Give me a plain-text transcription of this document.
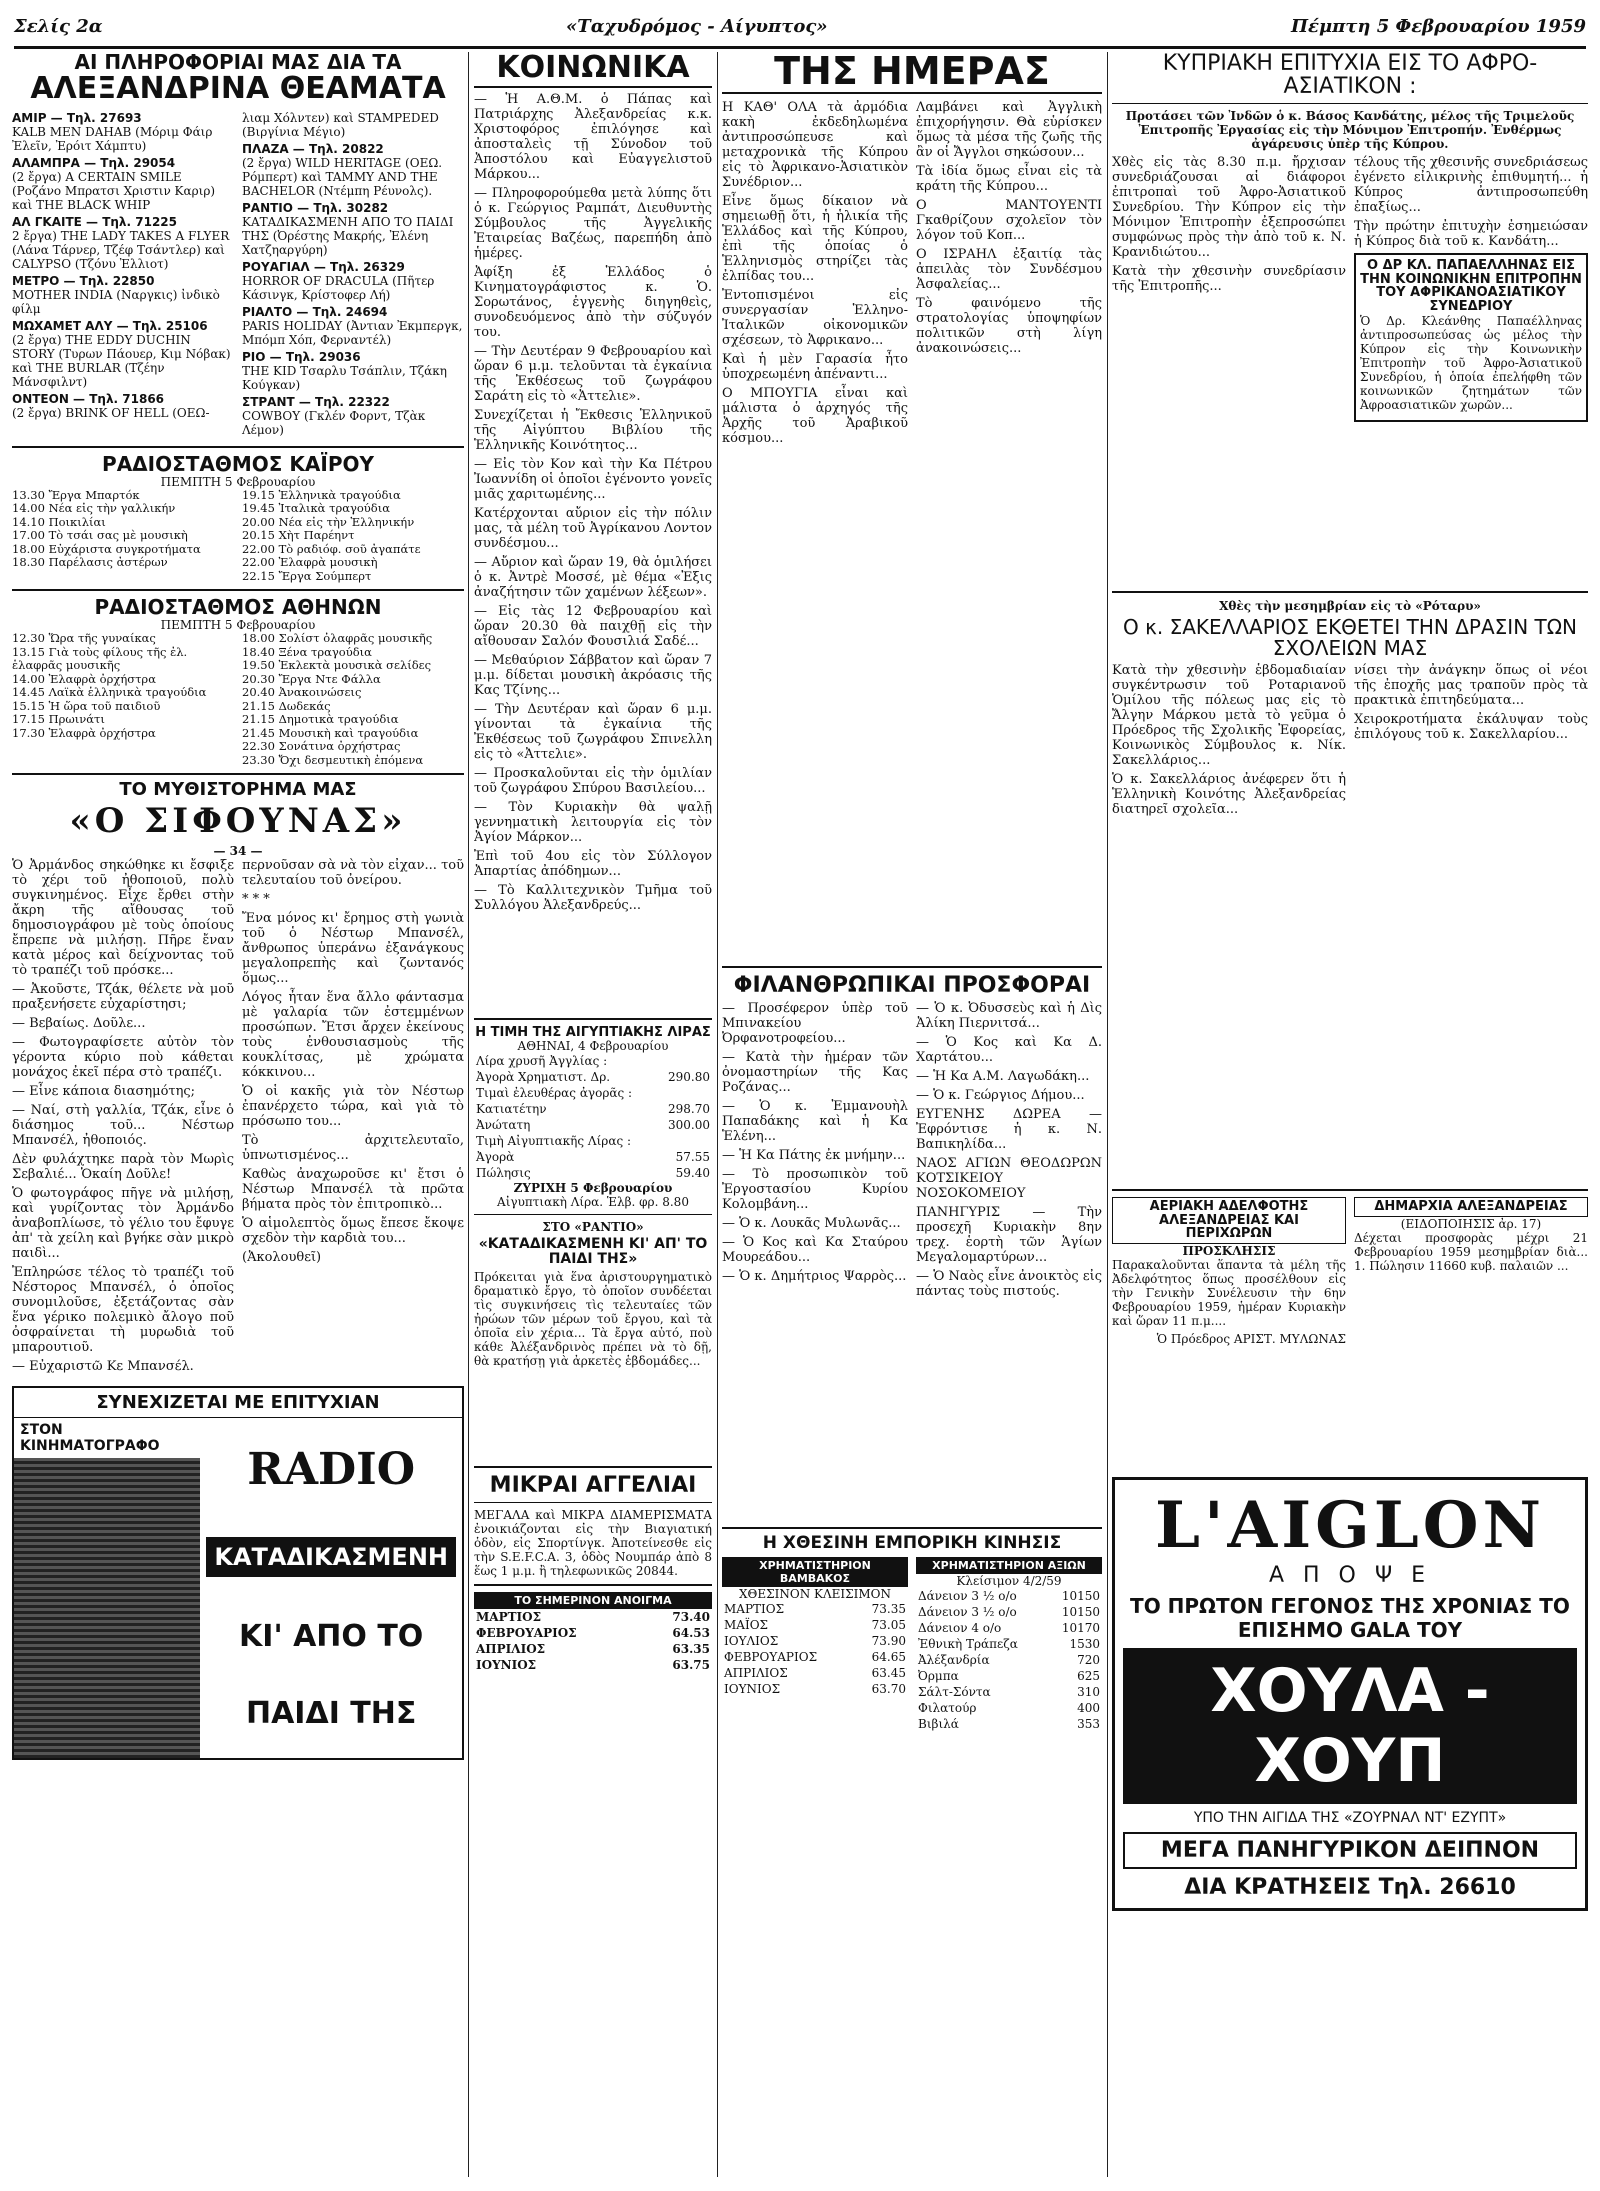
Σελίς 2α	«Ταχυδρόμος - Αίγυπτος»	Πέμπτη 5 Φεβρουαρίου 1959
ΑΙ ΠΛΗΡΟΦΟΡΙΑΙ ΜΑΣ ΔΙΑ ΤΑ
ΑΛΕΞΑΝΔΡΙΝΑ ΘΕΑΜΑΤΑ
ΑΜΙΡ — Τηλ. 27693
KALB MEN DAHAB (Μόριμ Φάιρ Ἐλεῖν, Ἐρόιτ Χάμπτυ)
ΑΛΑΜΠΡΑ — Τηλ. 29054
(2 ἔργα) A CERTAIN SMILE (Ροζάνο Μπρατσι Χριστιν Καριρ) καὶ THE BLACK WHIP
ΑΛ ΓΚΑΙΤΕ — Τηλ. 71225
2 ἔργα) THE LADY TAKES A FLYER (Λάνα Τάρνερ, Τζέφ Τσάντλερ) καὶ CALYPSO (Τζόνυ Ἐλλιοτ)
ΜΕΤΡΟ — Τηλ. 22850
MOTHER INDIA (Ναργκις) ἰνδικὸ φίλμ
ΜΩΧΑΜΕΤ ΑΛΥ — Τηλ. 25106
(2 ἔργα) THE EDDY DUCHIN STORY (Τυρων Πάουερ, Κιμ Νόβακ) καὶ THE BURLAR (Τζέην Μάνσφιλντ)
ΟΝΤΕΟΝ — Τηλ. 71866
(2 ἔργα) BRINK OF HELL (ΟΕΩ-
λιαμ Χόλντεν) καὶ STAMPEDED (Βιργίνια Μέγιο)
ΠΛΑΖΑ — Τηλ. 20822
(2 ἔργα) WILD HERITAGE (ΟΕΩ. Ρόμπερτ) καὶ TAMMY AND THE BACHELOR (Ντέμπη Ρέυνολς).
ΡΑΝΤΙΟ — Τηλ. 30282
ΚΑΤΑΔΙΚΑΣΜΕΝΗ ΑΠΟ ΤΟ ΠΑΙΔΙ ΤΗΣ (Ὀρέστης Μακρής, Ἐλένη Χατζηαργύρη)
ΡΟΥΑΓΙΑΛ — Τηλ. 26329
HORROR OF DRACULA (Πῆτερ Κάσινγκ, Κρίστοφερ Λή)
ΡΙΑΛΤΟ — Τηλ. 24694
PARIS HOLIDAY (Ἀντιαν Ἐκμπεργκ, Μπόμπ Χόπ, Φερναντέλ)
ΡΙΟ — Τηλ. 29036
THE KID Τσαρλυ Τσάπλιν, Τζάκη Κούγκαν)
ΣΤΡΑΝΤ — Τηλ. 22322
COWBOY (Γκλέν Φορντ, Τζὰκ Λέμον)
ΡΑΔΙΟΣΤΑΘΜΟΣ ΚΑΪΡΟΥ
ΠΕΜΠΤΗ 5 Φεβρουαρίου
13.30 Ἔργα Μπαρτόκ
14.00 Νέα εἰς τὴν γαλλικήν
14.10 Ποικιλίαι
17.00 Τὸ τσάι σας μὲ μουσικὴ
18.00 Εὐχάριστα συγκροτήματα
18.30 Παρέλασις ἀστέρων
19.15 Ἑλληνικὰ τραγούδια
19.45 Ἰταλικὰ τραγούδια
20.00 Νέα εἰς τὴν Ἑλληνικήν
20.15 Χὴτ Παρέηντ
22.00 Τὸ ραδιόφ. σοῦ ἀγαπάτε
22.00 Ἐλαφρὰ μουσικὴ
22.15 Ἔργα Σούμπερτ
ΡΑΔΙΟΣΤΑΘΜΟΣ ΑΘΗΝΩΝ
ΠΕΜΠΤΗ 5 Φεβρουαρίου
12.30 Ὥρα τῆς γυναίκας
13.15 Γιὰ τοὺς φίλους τῆς ἐλ. ἑλαφρᾶς μουσικῆς
14.00 Ἐλαφρὰ ὀρχήστρα
14.45 Λαϊκὰ ἑλληνικὰ τραγούδια
15.15 Ἡ ὥρα τοῦ παιδιοῦ
17.15 Πρωινάτι
17.30 Ἑλαφρὰ ὀρχήστρα
18.00 Σολίστ ὀλαφρᾶς μουσικῆς
18.40 Ξένα τραγούδια
19.50 Ἐκλεκτὰ μουσικὰ σελίδες
20.30 Ἔργα Ντε Φάλλα
20.40 Ἀνακοινώσεις
21.15 Δωδεκάς
21.15 Δημοτικὰ τραγούδια
21.45 Μουσικὴ καὶ τραγούδια
22.30 Σονάτινα ὀρχήστρας
23.30 Ὄχι δεσμευτικὴ ἐπόμενα
ΤΟ ΜΥΘΙΣΤΟΡΗΜΑ ΜΑΣ
«Ο ΣΙΦΟΥΝΑΣ»
— 34 —

Ὁ Ἀρμάνδος σηκώθηκε κι ἔσφιξε τὸ χέρι τοῦ ἠθοποιοῦ, πολὺ συγκινημένος. Εἶχε ἔρθει στὴν ἄκρη τῆς αἴθουσας τοῦ δημοσιογράφου μὲ τοὺς ὁποίους ἔπρεπε νὰ μιλήσῃ. Πῆρε ἔναν κατὰ μέρος καὶ δείχνοντας τοῦ τὸ τραπέζι τοῦ πρόσκε...

— Ἀκοῦστε, Τζάκ, θέλετε νὰ μοῦ πραξενήσετε εὐχαρίστησι;

— Βεβαίως. Δοῦλε...

— Φωτογραφίσετε αὐτὸν τὸν γέροντα κύριο ποὺ κάθεται μονάχος ἐκεῖ πέρα στὸ τραπέζι.

— Εἶνε κάποια διασημότης;

— Ναί, στὴ γαλλία, Τζάκ, εἶνε ὁ διάσημος τοῦ... Νέστωρ Μπανσέλ, ἠθοποιός.

Δὲν φυλάχτηκε παρὰ τὸν Μωρὶς Σεβαλιέ... Ὁκαίη Δοῦλε!

Ὁ φωτογράφος πῆγε νὰ μιλήσῃ, καὶ γυρίζοντας τὸν Ἀρμάνδο ἀναβοπλίωσε, τὸ γέλιο του ἔφυγε ἀπ' τὰ χείλη καὶ βγήκε σὰν μικρὸ παιδὶ...

Ἐπληρώσε τέλος τὸ τραπέζι τοῦ Νέστορος Μπανσέλ, ὁ ὁποῖος συνομιλοῦσε, ἐξετάζοντας σὰν ἕνα γέρικο πολεμικὸ ἄλογο ποῦ ὀσφραίνεται τὴ μυρωδιὰ τοῦ μπαρουτιοῦ.

— Εὐχαριστῶ Κε Μπανσέλ.

περνοῦσαν σὰ νὰ τὸν εἶχαν... τοῦ τελευταίου τοῦ ὀνείρου.

* * *

Ἔνα μόνος κι' ἔρημος στὴ γωνιὰ τοῦ ὁ Νέστωρ Μπανσέλ, ἄνθρωπος ὑπεράνω ἐξανάγκους μεγαλοπρεπὴς καὶ ζωντανός ὅμως...

Λόγος ἦταν ἕνα ἄλλο φάντασμα μὲ γαλαρία τῶν ἐστεμμένων προσώπων. Ἔτσι ἄρχεν ἐκείνους τοὺς ἐνθουσιασμοὺς τῆς κουκλίτσας, μὲ χρώματα κόκκινου...

Ὁ οἱ κακῆς γιὰ τὸν Νέστωρ ἐπανέρχετο τώρα, καὶ γιὰ τὸ πρόσωπο του...

Τὸ ἀρχιτελευταῖο, ὑπνωτισμένος...

Καθὼς ἀναχωροῦσε κι' ἔτσι ὁ Νέστωρ Μπανσέλ τὰ πρῶτα βήματα πρὸς τὸν ἐπιτροπικὸ...

Ὁ αἱμολεπτὸς ὅμως ἔπεσε ἔκοψε σχεδὸν τὴν καρδιὰ του...

(Ἀκολουθεῖ)

ΣΥΝΕΧΙΖΕΤΑΙ ΜΕ ΕΠΙΤΥΧΙΑΝ
ΣΤΟΝ ΚΙΝΗΜΑΤΟΓΡΑΦΟ	RADIO
ΚΑΤΑΔΙΚΑΣΜΕΝΗ
ΚΙ' ΑΠΟ ΤΟ
ΠΑΙΔΙ ΤΗΣ
ΚΟΙΝΩΝΙΚΑ

— Ἡ Α.Θ.Μ. ὁ Πάπας καὶ Πατριάρχης Ἀλεξανδρείας κ.κ. Χριστοφόρος ἐπιλόγησε καὶ ἀποσταλεὶς τῇ Σύνοδον τοῦ Ἀποστόλου καὶ Εὐαγγελιστοῦ Μάρκου...

— Πληροφορούμεθα μετὰ λύπης ὅτι ὁ κ. Γεώργιος Ραμπάτ, Διευθυντὴς Σύμβουλος τῆς Ἀγγελικῆς Ἐταιρείας Βαζέως, παρεπήδη ἀπὸ ἡμέρες.

Ἀφίξη ἐξ Ἑλλάδος ὁ Κινηματογράφιστος κ. Ὁ. Σορωτάνος, ἐγγενὴς διηγηθεὶς, συνοδευόμενος ἀπὸ τὴν σύζυγόν του.

— Τὴν Δευτέραν 9 Φεβρουαρίου καὶ ὥραν 6 μ.μ. τελοῦνται τὰ ἐγκαίνια τῆς Ἐκθέσεως τοῦ ζωγράφου Σαράτη εἰς τὸ «Ἀττελιε».

Συνεχίζεται ἡ Ἔκθεσις Ἑλληνικοῦ τῆς Αἰγύπτου Βιβλίου τῆς Ἑλληνικῆς Κοινότητος...

— Εἰς τὸν Κον καὶ τὴν Κα Πέτρου Ἰωαννίδη οἱ ὁποῖοι ἐγένοντο γονεῖς μιᾶς χαριτωμένης...

Κατέρχονται αὔριον εἰς τὴν πόλιν μας, τὰ μέλη τοῦ Ἀγρίκανου Λοντον συνδέσμου...

— Αὔριον καὶ ὥραν 19, θὰ ὁμιλήσει ὁ κ. Ἀντρὲ Μοσσέ, μὲ θέμα «Ἐξις ἀναζήτησιν τῶν χαμένων λέξεων».

— Εἰς τὰς 12 Φεβρουαρίου καὶ ὥραν 20.30 θὰ παιχθῇ εἰς τὴν αἴθουσαν Σαλόν Φουσιλιά Σαδέ...

— Μεθαύριον Σάββατον καὶ ὥραν 7 μ.μ. δίδεται μουσικὴ ἀκρόασις τῆς Κας Τζίνης...

— Τὴν Δευτέραν καὶ ὥραν 6 μ.μ. γίνονται τὰ ἐγκαίνια τῆς Ἐκθέσεως τοῦ ζωγράφου Σπινελλη εἰς τὸ «Ἀττελιε».

— Προσκαλοῦνται εἰς τὴν ὁμιλίαν τοῦ ζωγράφου Σπύρου Βασιλείου...

— Τὸν Κυριακὴν θὰ ψαλῇ γεννηματικὴ λειτουργία εἰς τὸν Ἀγίον Μάρκον...

Ἐπὶ τοῦ 4ου εἰς τὸν Σύλλογον Ἀπαρτίας ἀπόδημων...

— Τὸ Καλλιτεχνικὸν Τμῆμα τοῦ Συλλόγου Ἀλεξανδρεύς...

Η ΤΙΜΗ ΤΗΣ ΑΙΓΥΠΤΙΑΚΗΣ ΛΙΡΑΣ
ΑΘΗΝΑΙ, 4 Φεβρουαρίου
Λίρα χρυσῆ Ἀγγλίας :	
Ἀγορὰ Χρηματιστ. Δρ.	290.80
Τιμαὶ ἐλευθέρας ἀγορᾶς :	
Κατιατέτην	298.70
Ἀνώτατη	300.00
Τιμὴ Αἰγυπτιακῆς Λίρας :	
Ἀγορὰ	57.55
Πώλησις	59.40
ΖΥΡΙΧΗ 5 Φεβρουαρίου
Αἰγυπτιακὴ Λίρα. Ἑλβ. φρ. 8.80
ΣΤΟ «ΡΑΝΤΙΟ»
«ΚΑΤΑΔΙΚΑΣΜΕΝΗ ΚΙ' ΑΠ' ΤΟ ΠΑΙΔΙ ΤΗΣ»

Πρόκειται γιὰ ἕνα ἀριστουργηματικὸ δραματικὸ ἔργο, τὸ ὁποῖον συνδέεται τὶς συγκινήσεις τὶς τελευταίες τῶν ἠρώων τῶν μέρων τοῦ ἔργου, καὶ τὰ ὁποῖα εἰν χέρια... Τὰ ἔργα αὐτό, ποὺ κάθε Ἀλέξανδρινὸς πρέπει νὰ τὸ δῇ, θὰ κρατήσῃ γιὰ ἀρκετὲς ἑβδομάδες...

ΜΙΚΡΑΙ ΑΓΓΕΛΙΑΙ

ΜΕΓΑΛΑ καὶ ΜΙΚΡΑ ΔΙΑΜΕΡΙΣΜΑΤΑ ἐνοικιάζονται εἰς τὴν Βιαγιατική ὁδὸν, εἰς Σπορτίνγκ. Ἀποτείνεσθε εἰς τὴν S.E.F.C.A. 3, ὁδὸς Νουμπάρ ἀπὸ 8 ἕως 1 μ.μ. ἢ τηλεφωνικῶς 20844.

ΤΟ ΣΗΜΕΡΙΝΟΝ ΑΝΟΙΓΜΑ
ΜΑΡΤΙΟΣ	73.40
ΦΕΒΡΟΥΑΡΙΟΣ	64.53
ΑΠΡΙΛΙΟΣ	63.35
ΙΟΥΝΙΟΣ	63.75
ΤΗΣ ΗΜΕΡΑΣ

Η ΚΑΘ' ΟΛΑ τὰ ἀρμόδια κακὴ ἐκδεδηλωμένα ἀντιπροσώπευσε καὶ μεταχρονικὰ τῆς Κύπρου εἰς τὸ Ἀφρικανο-Ἀσιατικὸν Συνέδριον...

Εἶνε ὅμως δίκαιον νὰ σημειωθῇ ὅτι, ἡ ἡλικία τῆς Ἑλλάδος καὶ τῆς Κύπρου, ἐπὶ τῆς ὁποίας ὁ Ἑλληνισμὸς στηρίζει τὰς ἐλπίδας του...

Ἐντοπισμένοι εἰς συνεργασίαν Ἑλληνο-Ἰταλικῶν οἰκονομικῶν σχέσεων, τὸ Ἀφρικανο...

Καὶ ἡ μὲν Γαρασία ἦτο ὑποχρεωμένη ἀπέναντι...

Ο ΜΠΟΥΓΙΑ εἶναι καὶ μάλιστα ὁ ἀρχηγός τῆς Ἀρχῆς τοῦ Ἀραβικοῦ κόσμου...

Λαμβάνει καὶ Ἀγγλικὴ ἐπιχορήγησιν. Θὰ εὑρίσκεν ὅμως τὰ μέσα τῆς ζωῆς τῆς ἂν οἱ Ἄγγλοι σηκώσουν...

Τὰ ἰδία ὅμως εἶναι εἰς τὰ κράτη τῆς Κύπρου...

Ο ΜΑΝΤΟΥΕΝΤΙ Γκαθρίζουν σχολεῖον τὸν λόγον τοῦ Κοπ...

Ο ΙΣΡΑΗΛ ἐξαιτίᾳ τὰς ἀπειλὰς τὸν Συνδέσμου Ἀσφαλείας...

Τὸ φαινόμενο τῆς στρατολογίας ὑποψηφίων πολιτικῶν στὴ λίγη ἀνακοινώσεις...

ΦΙΛΑΝΘΡΩΠΙΚΑΙ ΠΡΟΣΦΟΡΑΙ

— Προσέφερον ὑπὲρ τοῦ Μπινακείου Ὀρφανοτροφείου...

— Κατὰ τὴν ἡμέραν τῶν ὀνομαστηρίων τῆς Κας Ροζάνας...

— Ὁ κ. Ἐμμανουὴλ Παπαδάκης καὶ ἡ Κα Ἑλένη...

— Ἡ Κα Πάτης ἐκ μνήμην...

— Τὸ προσωπικὸν τοῦ Ἐργοστασίου Κυρίου Κολομβάνη...

— Ὁ κ. Λουκᾶς Μυλωνᾶς...

— Ὁ Κος καὶ Κα Σταύρου Μουρεάδου...

— Ὁ κ. Δημήτριος Ψαρρὸς...

— Ὁ κ. Ὀδυσσεὺς καὶ ἡ Δὶς Ἀλίκη Πιερνιτσά...

— Ὁ Κος καὶ Κα Δ. Χαρτάτου...

— Ἡ Κα Α.Μ. Λαγωδάκη...

— Ὁ κ. Γεώργιος Δήμου...

ΕΥΓΕΝΗΣ ΔΩΡΕΑ — Ἐφρόντισε ἡ κ. Ν. Βαπικηλίδα...

ΝΑΟΣ ΑΓΙΩΝ ΘΕΟΔΩΡΩΝ ΚΟΤΣΙΚΕΙΟΥ ΝΟΣΟΚΟΜΕΙΟΥ

ΠΑΝΗΓΥΡΙΣ — Τὴν προσεχῆ Κυριακὴν 8ην τρεχ. ἑορτὴ τῶν Ἁγίων Μεγαλομαρτύρων...

— Ὁ Ναὸς εἶνε ἀνοικτὸς εἰς πάντας τοὺς πιστούς.

Η ΧΘΕΣΙΝΗ ΕΜΠΟΡΙΚΗ ΚΙΝΗΣΙΣ
ΧΡΗΜΑΤΙΣΤΗΡΙΟΝ ΒΑΜΒΑΚΟΣ
ΧΘΕΣΙΝΟΝ ΚΛΕΙΣΙΜΟΝ
ΜΑΡΤΙΟΣ	73.35
ΜΑΪΟΣ	73.05
ΙΟΥΛΙΟΣ	73.90
ΦΕΒΡΟΥΑΡΙΟΣ	64.65
ΑΠΡΙΛΙΟΣ	63.45
ΙΟΥΝΙΟΣ	63.70
ΧΡΗΜΑΤΙΣΤΗΡΙΟΝ ΑΞΙΩΝ
Κλείσιμον 4/2/59
Δάνειον 3 ½ ο/ο	10150
Δάνειον 3 ½ ο/ο	10150
Δάνειον 4 ο/ο	10170
Ἐθνικὴ Τράπεζα	1530
Ἀλέξανδρία	720
Ὀρμπα	625
Σάλτ-Σόντα	310
Φιλατούρ	400
Βιβιλά	353
ΚΥΠΡΙΑΚΗ ΕΠΙΤΥΧΙΑ ΕΙΣ ΤΟ ΑΦΡΟ-ΑΣΙΑΤΙΚΟΝ :

Προτάσει τῶν Ἰνδῶν ὁ κ. Βάσος Κανδάτης, μέλος τῆς Τριμελοῦς Ἐπιτροπῆς Ἐργασίας εἰς τὴν Μόνιμον Ἐπιτροπήν. Ἐνθέρμως ἀγάρευσις ὑπὲρ τῆς Κύπρου.

Χθὲς εἰς τὰς 8.30 π.μ. ἤρχισαν συνεδριάζουσαι αἱ διάφοροι ἐπιτροπαὶ τοῦ Ἀφρο-Ἀσιατικοῦ Συνεδρίου. Τὴν Κύπρον εἰς τὴν Μόνιμον Ἐπιτροπὴν ἐξεπροσώπει συμφώνως πρὸς τὴν ἀπὸ τοῦ κ. Ν. Κρανιδιώτου...

Κατὰ τὴν χθεσινὴν συνεδρίασιν τῆς Ἐπιτροπῆς...

τέλους τῆς χθεσινῆς συνεδριάσεως ἐγένετο εἰλικρινὴς ἐπιθυμητή... ἡ Κύπρος ἀντιπροσωπεύθη ἐπαξίως...

Τὴν πρώτην ἐπιτυχὴν ἐσημειώσαν ἡ Κύπρος διὰ τοῦ κ. Κανδάτη...

Ο ΔΡ ΚΛ. ΠΑΠΑΕΛΛΗΝΑΣ ΕΙΣ ΤΗΝ ΚΟΙΝΩΝΙΚΗΝ ΕΠΙΤΡΟΠΗΝ ΤΟΥ ΑΦΡΙΚΑΝΟΑΣΙΑΤΙΚΟΥ ΣΥΝΕΔΡΙΟΥ

Ὁ Δρ. Κλεάνθης Παπαέλληνας ἀντιπροσωπεύσας ὡς μέλος τὴν Κύπρον εἰς τὴν Κοινωνικὴν Ἐπιτροπὴν τοῦ Ἀφρο-Ἀσιατικοῦ Συνεδρίου, ἡ ὁποία ἐπελήφθη τῶν κοινωνικῶν ζητημάτων τῶν Ἀφροασιατικῶν χωρῶν...

Χθὲς τὴν μεσημβρίαν εἰς τὸ «Ρόταρυ»
Ο κ. ΣΑΚΕΛΛΑΡΙΟΣ ΕΚΘΕΤΕΙ ΤΗΝ ΔΡΑΣΙΝ ΤΩΝ ΣΧΟΛΕΙΩΝ ΜΑΣ

Κατὰ τὴν χθεσινὴν ἑβδομαδιαίαν συγκέντρωσιν τοῦ Ροταριανοῦ Ὁμίλου τῆς πόλεως μας εἰς τὸ Ἄλγην Μάρκου μετὰ τὸ γεῦμα ὁ Πρόεδρος τῆς Σχολικῆς Ἐφορείας, Κοινωνικὸς Σύμβουλος κ. Νίκ. Σακελλάριος...

Ὁ κ. Σακελλάριος ἀνέφερεν ὅτι ἡ Ἑλληνικὴ Κοινότης Ἀλεξανδρείας διατηρεῖ σχολεῖα...

νίσει τὴν ἀνάγκην ὅπως οἱ νέοι τῆς ἐποχῆς μας τραποῦν πρὸς τὰ πρακτικὰ ἐπιτηδεύματα...

Χειροκροτήματα ἐκάλυψαν τοὺς ἐπιλόγους τοῦ κ. Σακελλαρίου...

ΑΕΡΙΑΚΗ ΑΔΕΛΦΟΤΗΣ ΑΛΕΞΑΝΔΡΕΙΑΣ ΚΑΙ ΠΕΡΙΧΩΡΩΝ
ΠΡΟΣΚΛΗΣΙΣ

Παρακαλοῦνται ἅπαντα τὰ μέλη τῆς Ἀδελφότητος ὅπως προσέλθουν εἰς τὴν Γενικὴν Συνέλευσιν τὴν 6ην Φεβρουαρίου 1959, ἡμέραν Κυριακὴν καὶ ὥραν 11 π.μ....

Ὁ Πρόεδρος ΑΡΙΣΤ. ΜΥΛΩΝΑΣ

ΔΗΜΑΡΧΙΑ ΑΛΕΞΑΝΔΡΕΙΑΣ
(ΕΙΔΟΠΟΙΗΣΙΣ ἀρ. 17)

Δέχεται προσφορὰς μέχρι 21 Φεβρουαρίου 1959 μεσημβρίαν διὰ... 1. Πώλησιν 11660 κυβ. παλαιῶν ...

L'AIGLON
Α Π Ο Ψ Ε
ΤΟ ΠΡΩΤΟΝ ΓΕΓΟΝΟΣ ΤΗΣ ΧΡΟΝΙΑΣ ΤΟ ΕΠΙΣΗΜΟ GALA ΤΟΥ
ΧΟΥΛΑ - ΧΟΥΠ
ΥΠΟ ΤΗΝ ΑΙΓΙΔΑ ΤΗΣ «ΖΟΥΡΝΑΛ ΝΤ' ΕΖΥΠΤ»
ΜΕΓΑ ΠΑΝΗΓΥΡΙΚΟΝ ΔΕΙΠΝΟΝ
ΔΙΑ ΚΡΑΤΗΣΕΙΣ Τηλ. 26610
